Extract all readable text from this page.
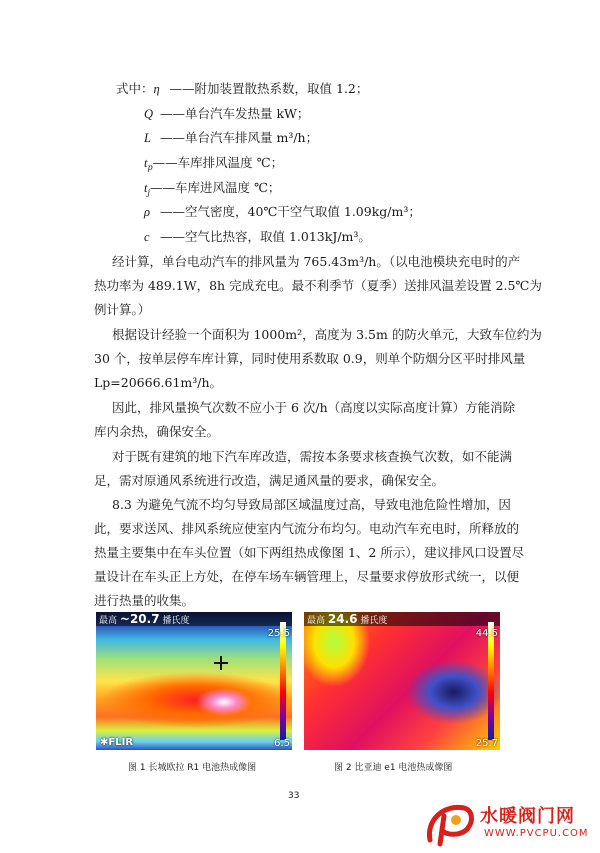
式中：η ——附加装置散热系数，取值 1.2；
Q ——单台汽车发热量 kW；
L ——单台汽车排风量 m³/h；
$t_p——$车库排风温度 ℃；
$t_j——$车库进风温度 ℃；
ρ ——空气密度，40℃干空气取值 1.09kg/m³；
c ——空气比热容，取值 1.013kJ/m³。
经计算，单台电动汽车的排风量为 765.43m³/h。（以电池模块充电时的产
热功率为 489.1W，8h 完成充电。最不利季节（夏季）送排风温差设置 2.5℃为
例计算。）
根据设计经验一个面积为 1000m²，高度为 3.5m 的防火单元，大致车位约为
30 个，按单层停车库计算，同时使用系数取 0.9，则单个防烟分区平时排风量
Lp=20666.61m³/h。
因此，排风量换气次数不应小于 6 次/h（高度以实际高度计算）方能消除
库内余热，确保安全。
对于既有建筑的地下汽车库改造，需按本条要求核查换气次数，如不能满
足，需对原通风系统进行改造，满足通风量的要求，确保安全。
8.3 为避免气流不均匀导致局部区域温度过高，导致电池危险性增加，因
此，要求送风、排风系统应使室内气流分布均匀。电动汽车充电时，所释放的
热量主要集中在车头位置（如下两组热成像图 1、2 所示），建议排风口设置尽
量设计在车头正上方处，在停车场车辆管理上，尽量要求停放形式统一，以便
进行热量的收集。
最高 ~20.7 播氏度
25.5
6.5
✱FLIR
最高 24.6 播氏度
44.5
25.7
图 1 长城欧拉 R1 电池热成像图	图 2 比亚迪 e1 电池热成像图
33
水暖阀门网
WWW.PVCPU.COM
